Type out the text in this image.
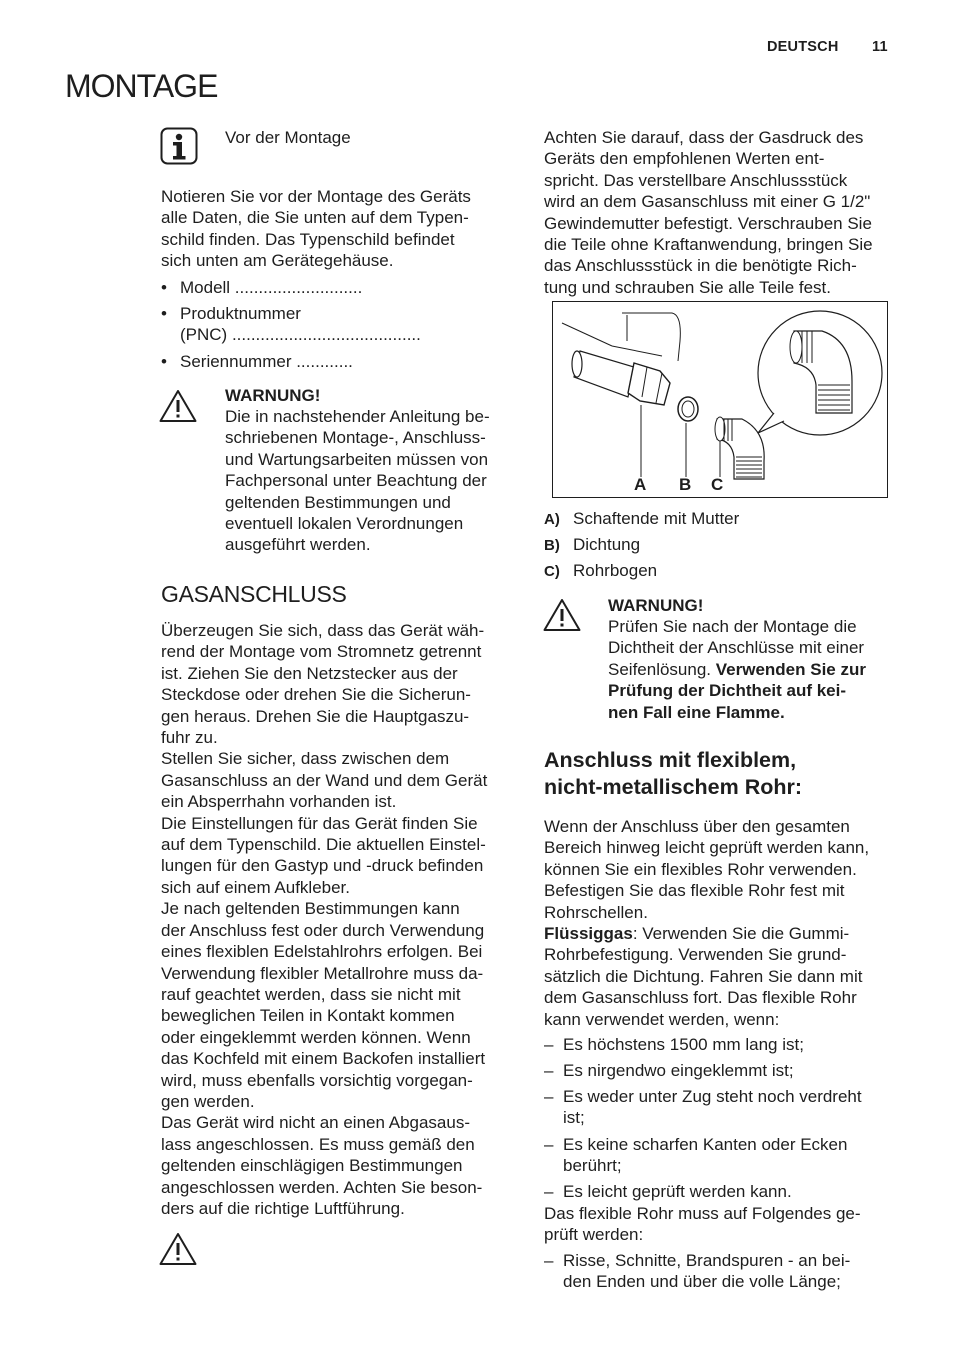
DEUTSCH 11
MONTAGE
Vor der Montage
Notieren Sie vor der Montage des Geräts
alle Daten, die Sie unten auf dem Typen-
schild finden. Das Typenschild befindet
sich unten am Gerätegehäuse.
• Modell ...........................
• Produktnummer
(PNC) ........................................
• Seriennummer ............
WARNUNG!
Die in nachstehender Anleitung be-
schriebenen Montage-, Anschluss-
und Wartungsarbeiten müssen von
Fachpersonal unter Beachtung der
geltenden Bestimmungen und
eventuell lokalen Verordnungen
ausgeführt werden.
GASANSCHLUSS
Überzeugen Sie sich, dass das Gerät wäh-
rend der Montage vom Stromnetz getrennt
ist. Ziehen Sie den Netzstecker aus der
Steckdose oder drehen Sie die Sicherun-
gen heraus. Drehen Sie die Hauptgaszu-
fuhr zu.
Stellen Sie sicher, dass zwischen dem
Gasanschluss an der Wand und dem Gerät
ein Absperrhahn vorhanden ist.
Die Einstellungen für das Gerät finden Sie
auf dem Typenschild. Die aktuellen Einstel-
lungen für den Gastyp und -druck befinden
sich auf einem Aufkleber.
Je nach geltenden Bestimmungen kann
der Anschluss fest oder durch Verwendung
eines flexiblen Edelstahlrohrs erfolgen. Bei
Verwendung flexibler Metallrohre muss da-
rauf geachtet werden, dass sie nicht mit
beweglichen Teilen in Kontakt kommen
oder eingeklemmt werden können. Wenn
das Kochfeld mit einem Backofen installiert
wird, muss ebenfalls vorsichtig vorgegan-
gen werden.
Das Gerät wird nicht an einen Abgasaus-
lass angeschlossen. Es muss gemäß den
geltenden einschlägigen Bestimmungen
angeschlossen werden. Achten Sie beson-
ders auf die richtige Luftführung.
Achten Sie darauf, dass der Gasdruck des
Geräts den empfohlenen Werten ent-
spricht. Das verstellbare Anschlussstück
wird an dem Gasanschluss mit einer G 1/2"
Gewindemutter befestigt. Verschrauben Sie
die Teile ohne Kraftanwendung, bringen Sie
das Anschlussstück in die benötigte Rich-
tung und schrauben Sie alle Teile fest.
A B C
A) Schaftende mit Mutter
B) Dichtung
C) Rohrbogen
WARNUNG!
Prüfen Sie nach der Montage die
Dichtheit der Anschlüsse mit einer
Seifenlösung. Verwenden Sie zur
Prüfung der Dichtheit auf kei-
nen Fall eine Flamme.
Anschluss mit flexiblem,
nicht-metallischem Rohr:
Wenn der Anschluss über den gesamten
Bereich hinweg leicht geprüft werden kann,
können Sie ein flexibles Rohr verwenden.
Befestigen Sie das flexible Rohr fest mit
Rohrschellen.
Flüssiggas: Verwenden Sie die Gummi-
Rohrbefestigung. Verwenden Sie grund-
sätzlich die Dichtung. Fahren Sie dann mit
dem Gasanschluss fort. Das flexible Rohr
kann verwendet werden, wenn:
– Es höchstens 1500 mm lang ist;
– Es nirgendwo eingeklemmt ist;
– Es weder unter Zug steht noch verdreht
ist;
– Es keine scharfen Kanten oder Ecken
berührt;
– Es leicht geprüft werden kann.
Das flexible Rohr muss auf Folgendes ge-
prüft werden:
– Risse, Schnitte, Brandspuren - an bei-
den Enden und über die volle Länge;
